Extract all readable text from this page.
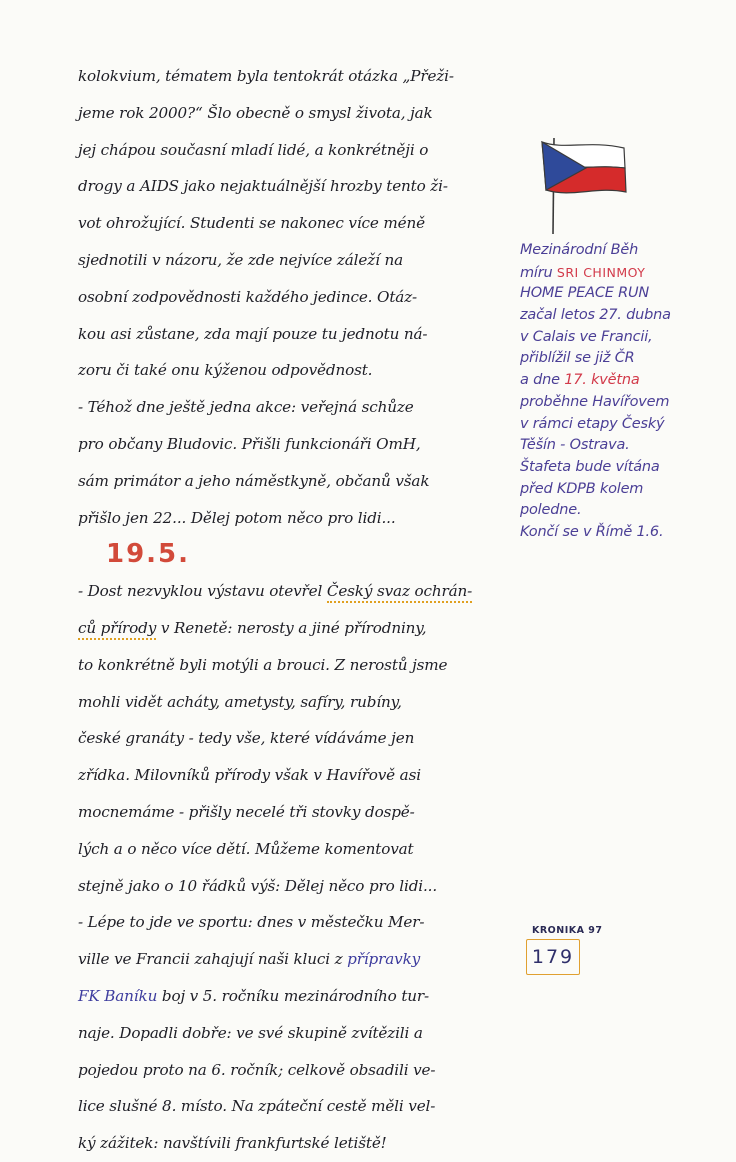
kolokvium, tématem byla tentokrát otázka „Přeži-
jeme rok 2000?“ Šlo obecně o smysl života, jak
jej chápou současní mladí lidé, a konkrétněji o
drogy a AIDS jako nejaktuálnější hrozby tento ži-
vot ohrožující. Studenti se nakonec více méně
sjednotili v názoru, že zde nejvíce záleží na
osobní zodpovědnosti každého jedince. Otáz-
kou asi zůstane, zda mají pouze tu jednotu ná-
zoru či také onu kýženou odpovědnost.
- Téhož dne ještě jedna akce: veřejná schůze
pro občany Bludovic. Přišli funkcionáři OmH,
sám primátor a jeho náměstkyně, občanů však
přišlo jen 22... Dělej potom něco pro lidi...
19.5.
- Dost nezvyklou výstavu otevřel Český svaz ochrán-
ců přírody v Renetě: nerosty a jiné přírodniny,
to konkrétně byli motýli a brouci. Z nerostů jsme
mohli vidět acháty, ametysty, safíry, rubíny,
české granáty - tedy vše, které vídáváme jen
zřídka. Milovníků přírody však v Havířově asi
mocnemáme - přišly necelé tři stovky dospě-
lých a o něco více dětí. Můžeme komentovat
stejně jako o 10 řádků výš: Dělej něco pro lidi...
- Lépe to jde ve sportu: dnes v městečku Mer-
ville ve Francii zahajují naši kluci z přípravky
FK Baníku boj v 5. ročníku mezinárodního tur-
naje. Dopadli dobře: ve své skupině zvítězili a
pojedou proto na 6. ročník; celkově obsadili ve-
lice slušné 8. místo. Na zpáteční cestě měli vel-
ký zážitek: navštívili frankfurtské letiště!
Mezinárodní Běh
míru SRI CHINMOY
HOME PEACE RUN
začal letos 27. dubna
v Calais ve Francii,
přiblížil se již ČR
a dne 17. května
proběhne Havířovem
v rámci etapy Český
Těšín - Ostrava.
Štafeta bude vítána
před KDPB kolem
poledne.
Končí se v Římě 1.6.
KRONIKA 97
179
